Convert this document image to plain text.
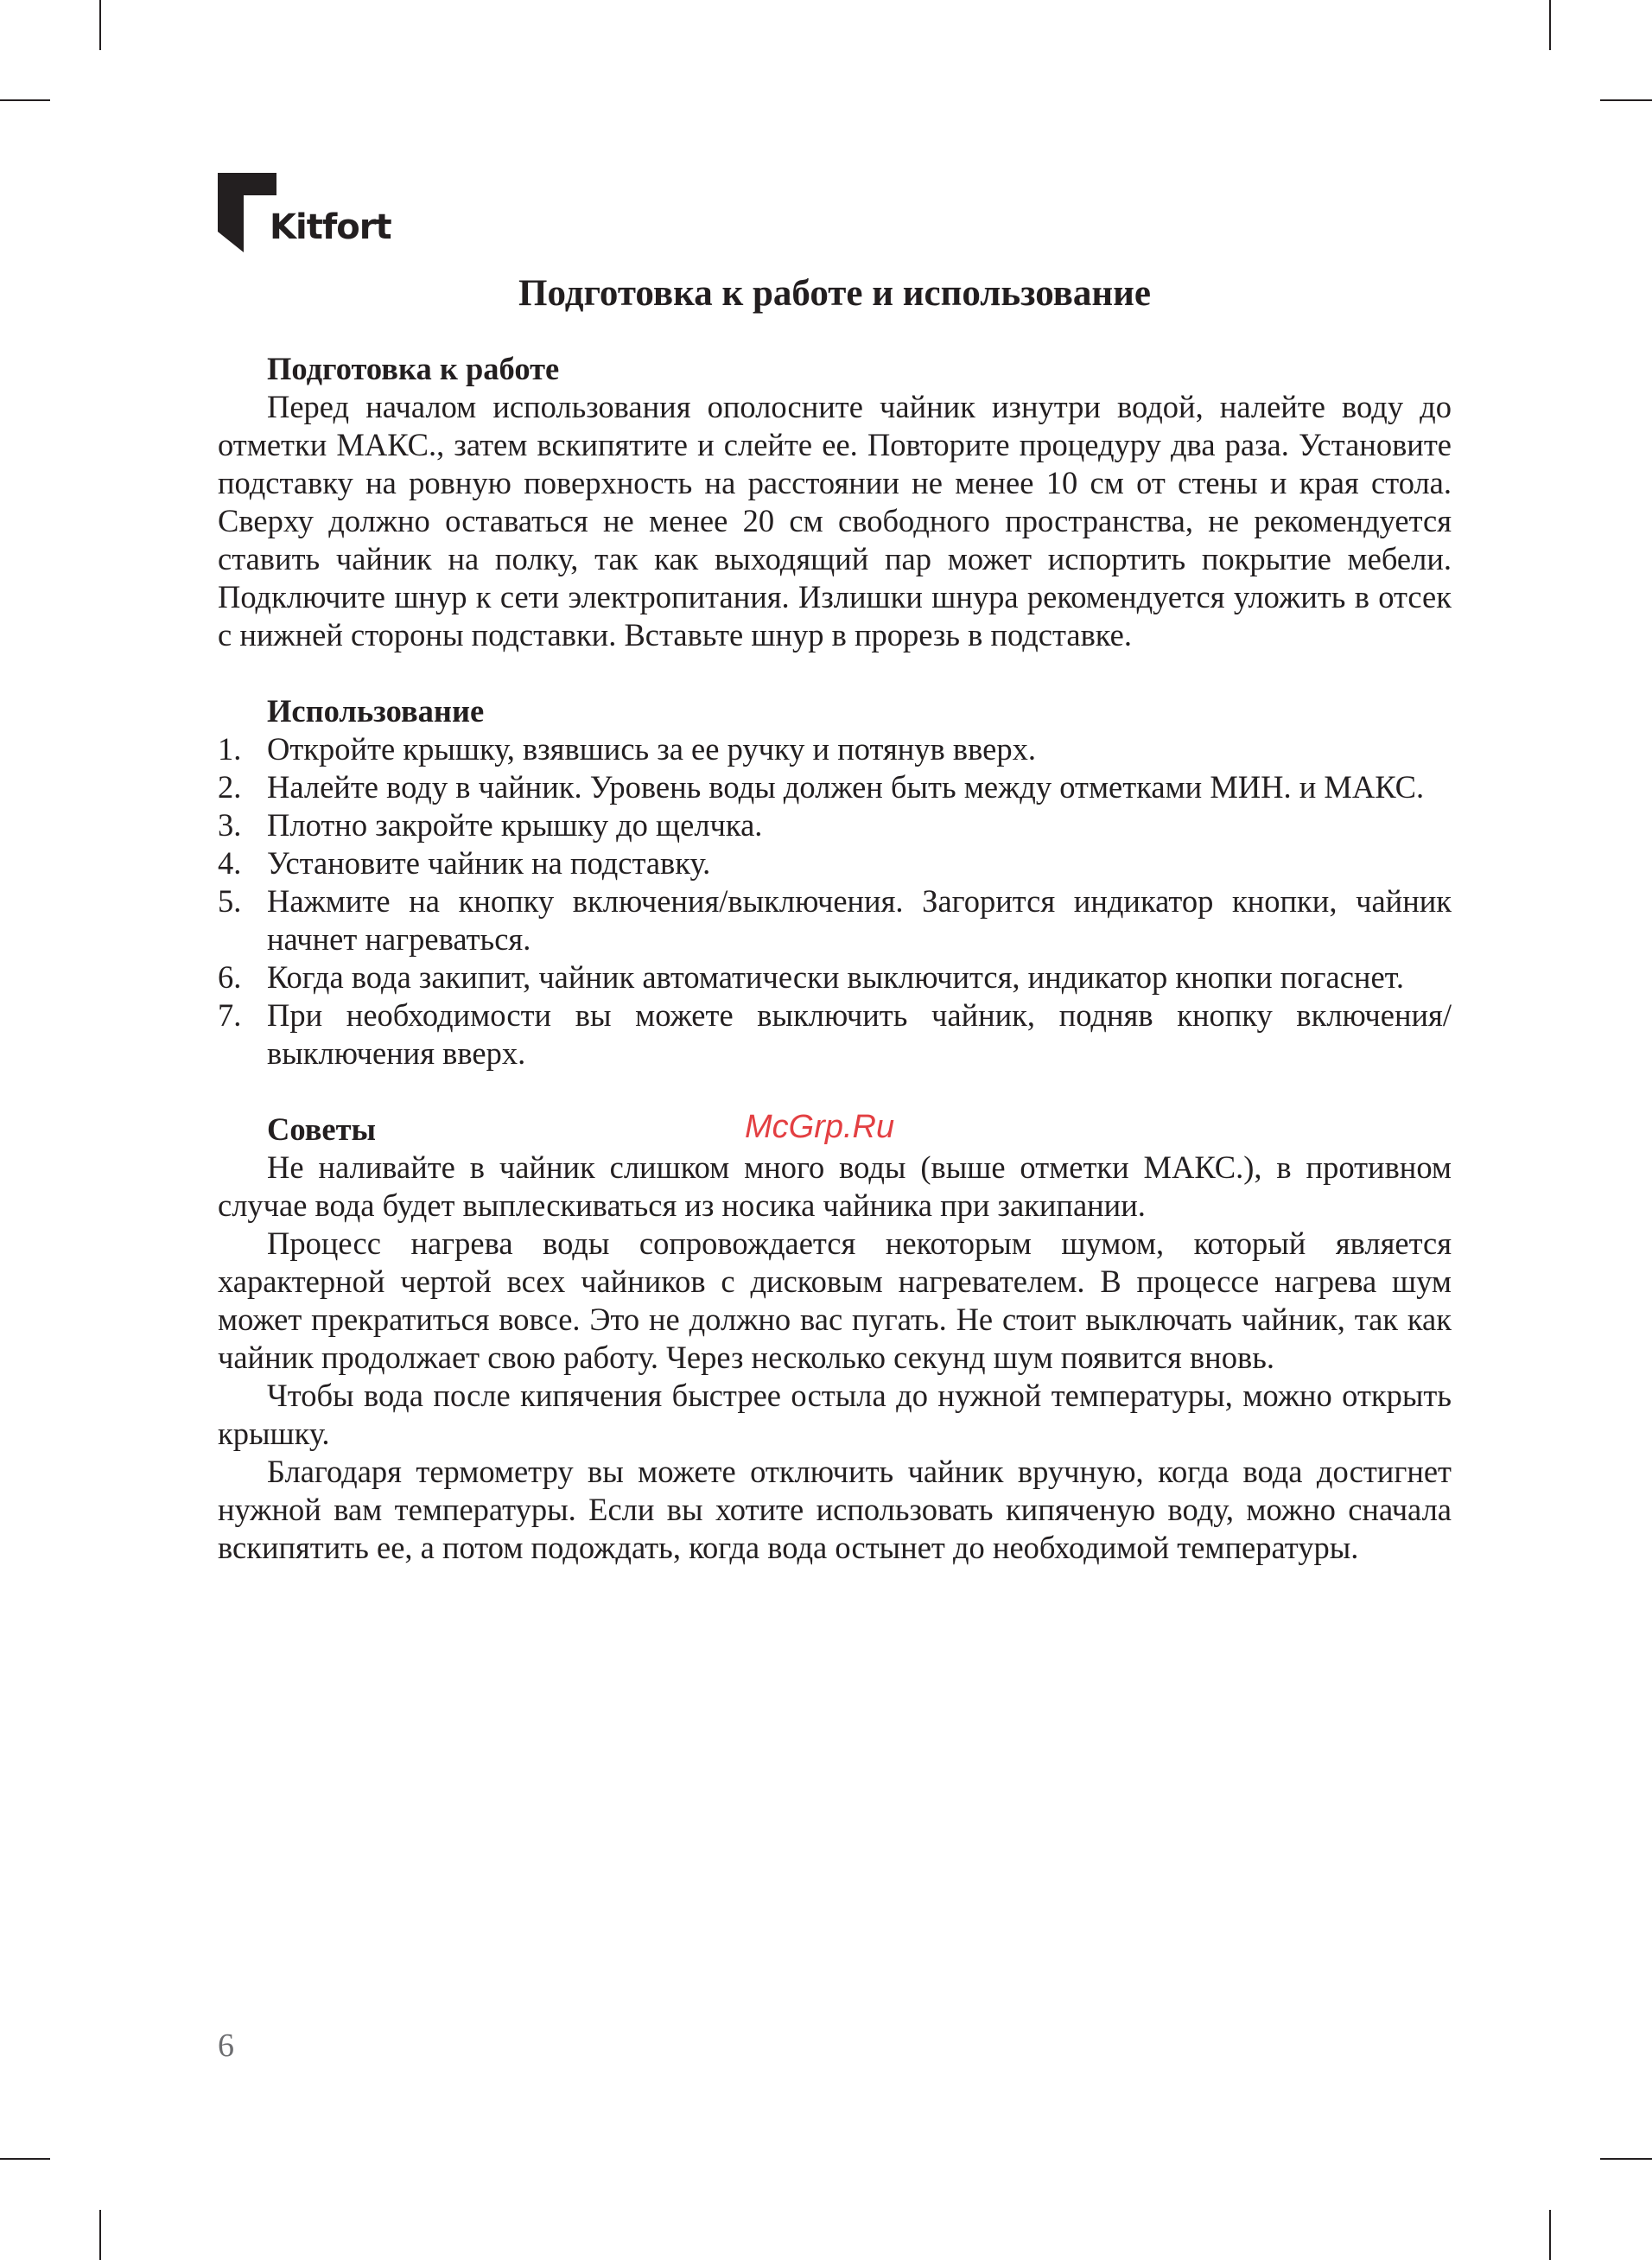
Kitfort
Подготовка к работе и использование
Подготовка к работе

Перед началом использования ополосните чайник изнутри водой, налейте воду до отметки МАКС., затем вскипятите и слейте ее. Повторите процедуру два раза. Установите подставку на ровную поверхность на расстоянии не менее 10 см от стены и края стола. Сверху должно оставаться не менее 20 см свободного пространства, не рекомендуется ставить чайник на полку, так как выходящий пар может испортить покрытие мебели. Подключите шнур к сети электропитания. Излишки шнура рекомендуется уложить в отсек с нижней стороны подставки. Вставьте шнур в прорезь в подставке.

Использование
1. Откройте крышку, взявшись за ее ручку и потянув вверх.
2. Налейте воду в чайник. Уровень воды должен быть между отметками МИН. и МАКС.
3. Плотно закройте крышку до щелчка.
4. Установите чайник на подставку.
5. Нажмите на кнопку включения/выключения. Загорится индикатор кнопки, чайник начнет нагреваться.
6. Когда вода закипит, чайник автоматически выключится, индикатор кнопки погаснет.
7. При необходимости вы можете выключить чайник, подняв кнопку включения/выключения вверх.
Советы

Не наливайте в чайник слишком много воды (выше отметки МАКС.), в противном случае вода будет выплескиваться из носика чайника при закипании.

Процесс нагрева воды сопровождается некоторым шумом, который является характерной чертой всех чайников с дисковым нагревателем. В процессе нагрева шум может прекратиться вовсе. Это не должно вас пугать. Не стоит выключать чайник, так как чайник продолжает свою работу. Через несколько секунд шум появится вновь.

Чтобы вода после кипячения быстрее остыла до нужной температуры, можно открыть крышку.

Благодаря термометру вы можете отключить чайник вручную, когда вода достигнет нужной вам температуры. Если вы хотите использовать кипяченую воду, можно сначала вскипятить ее, а потом подождать, когда вода остынет до необходимой температуры.

McGrp.Ru
6
